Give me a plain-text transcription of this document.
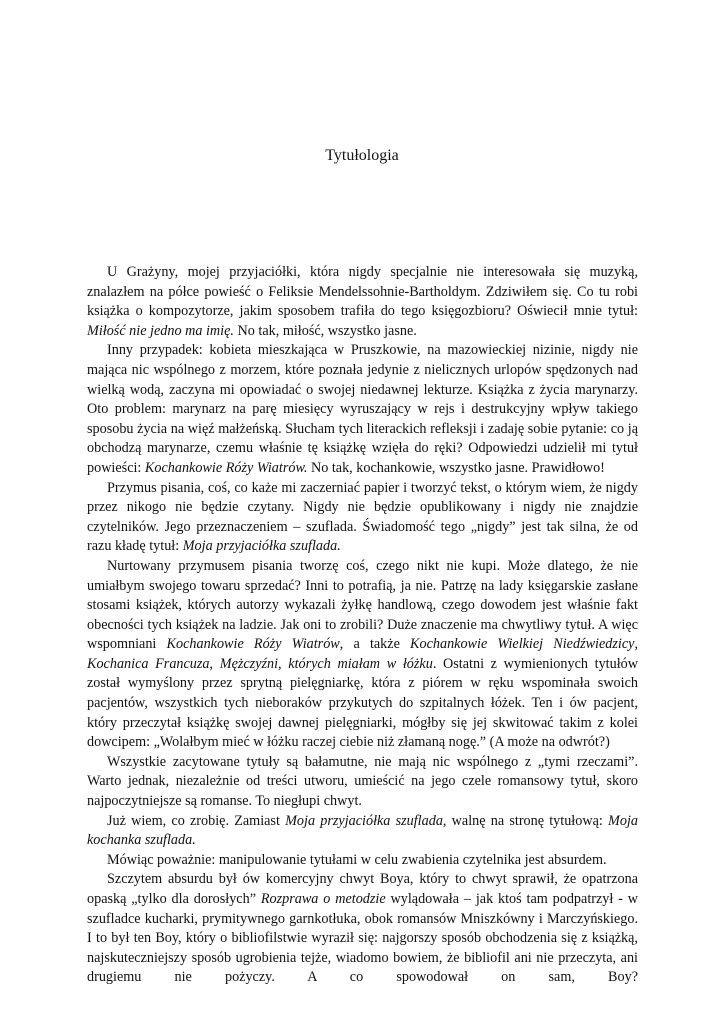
Tytułologia

U Grażyny, mojej przyjaciółki, która nigdy specjalnie nie interesowała się muzyką, znalazłem na półce powieść o Feliksie Mendelssohnie-Bartholdym. Zdziwiłem się. Co tu robi książka o kompozytorze, jakim sposobem trafiła do tego księgozbioru? Oświecił mnie tytuł: Miłość nie jedno ma imię. No tak, miłość, wszystko jasne.

Inny przypadek: kobieta mieszkająca w Pruszkowie, na mazowieckiej nizinie, nigdy nie mająca nic wspólnego z morzem, które poznała jedynie z nielicznych urlopów spędzonych nad wielką wodą, zaczyna mi opowiadać o swojej niedawnej lekturze. Książka z życia marynarzy. Oto problem: marynarz na parę miesięcy wyruszający w rejs i destrukcyjny wpływ takiego sposobu życia na więź małżeńską. Słucham tych literackich refleksji i zadaję sobie pytanie: co ją obchodzą marynarze, czemu właśnie tę książkę wzięła do ręki? Odpowiedzi udzielił mi tytuł powieści: Kochankowie Róży Wiatrów. No tak, kochankowie, wszystko jasne. Prawidłowo!

Przymus pisania, coś, co każe mi zaczerniać papier i tworzyć tekst, o którym wiem, że nigdy przez nikogo nie będzie czytany. Nigdy nie będzie opublikowany i nigdy nie znajdzie czytelników. Jego przeznaczeniem – szuflada. Świadomość tego „nigdy” jest tak silna, że od razu kładę tytuł: Moja przyjaciółka szuflada.

Nurtowany przymusem pisania tworzę coś, czego nikt nie kupi. Może dlatego, że nie umiałbym swojego towaru sprzedać? Inni to potrafią, ja nie. Patrzę na lady księgarskie zasłane stosami książek, których autorzy wykazali żyłkę handlową, czego dowodem jest właśnie fakt obecności tych książek na ladzie. Jak oni to zrobili? Duże znaczenie ma chwytliwy tytuł. A więc wspomniani Kochankowie Róży Wiatrów, a także Kochankowie Wielkiej Niedźwiedzicy, Kochanica Francuza, Mężczyźni, których miałam w łóżku. Ostatni z wymienionych tytułów został wymyślony przez sprytną pielęgniarkę, która z piórem w ręku wspominała swoich pacjentów, wszystkich tych nieboraków przykutych do szpitalnych łóżek. Ten i ów pacjent, który przeczytał książkę swojej dawnej pielęgniarki, mógłby się jej skwitować takim z kolei dowcipem: „Wolałbym mieć w łóżku raczej ciebie niż złamaną nogę.” (A może na odwrót?)

Wszystkie zacytowane tytuły są bałamutne, nie mają nic wspólnego z „tymi rzeczami”. Warto jednak, niezależnie od treści utworu, umieścić na jego czele romansowy tytuł, skoro najpoczytniejsze są romanse. To niegłupi chwyt.

Już wiem, co zrobię. Zamiast Moja przyjaciółka szuflada, walnę na stronę tytułową: Moja kochanka szuflada.

Mówiąc poważnie: manipulowanie tytułami w celu zwabienia czytelnika jest absurdem.

Szczytem absurdu był ów komercyjny chwyt Boya, który to chwyt sprawił, że opatrzona opaską „tylko dla dorosłych” Rozprawa o metodzie wylądowała – jak ktoś tam podpatrzył - w szufladce kucharki, prymitywnego garnkotłuka, obok romansów Mniszkówny i Marczyńskiego. I to był ten Boy, który o bibliofilstwie wyraził się: najgorszy sposób obchodzenia się z książką, najskuteczniejszy sposób ugrobienia tejże, wiadomo bowiem, że bibliofil ani nie przeczyta, ani drugiemu nie pożyczy. A co spowodował on sam, Boy?
